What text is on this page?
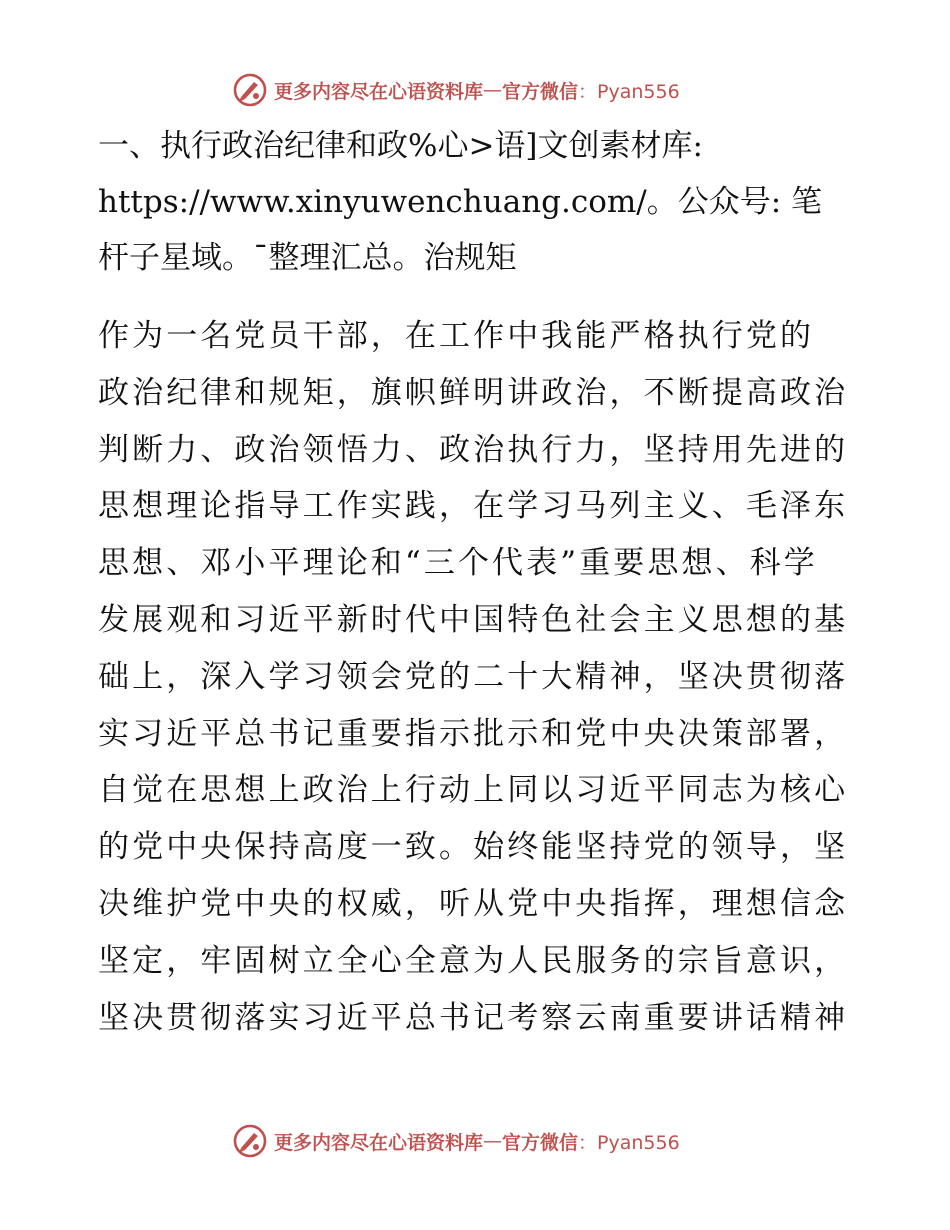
更多内容尽在心语资料库 — 官方微信 ：Pyan556
一、执行政治纪律和政%心>语]文创素材库:
https://www.xinyuwenchuang.com/。公众号: 笔
杆子星域。¯整理汇总。治规矩
作为一名党员干部，在工作中我能严格执行党的
政治纪律和规矩，旗帜鲜明讲政治，不断提高政治
判断力、政治领悟力、政治执行力，坚持用先进的
思想理论指导工作实践，在学习马列主义、毛泽东
思想、邓小平理论和“三个代表”重要思想、科学
发展观和习近平新时代中国特色社会主义思想的基
础上，深入学习领会党的二十大精神，坚决贯彻落
实习近平总书记重要指示批示和党中央决策部署，
自觉在思想上政治上行动上同以习近平同志为核心
的党中央保持高度一致。始终能坚持党的领导，坚
决维护党中央的权威，听从党中央指挥，理想信念
坚定，牢固树立全心全意为人民服务的宗旨意识，
坚决贯彻落实习近平总书记考察云南重要讲话精神
更多内容尽在心语资料库 — 官方微信 ：Pyan556
